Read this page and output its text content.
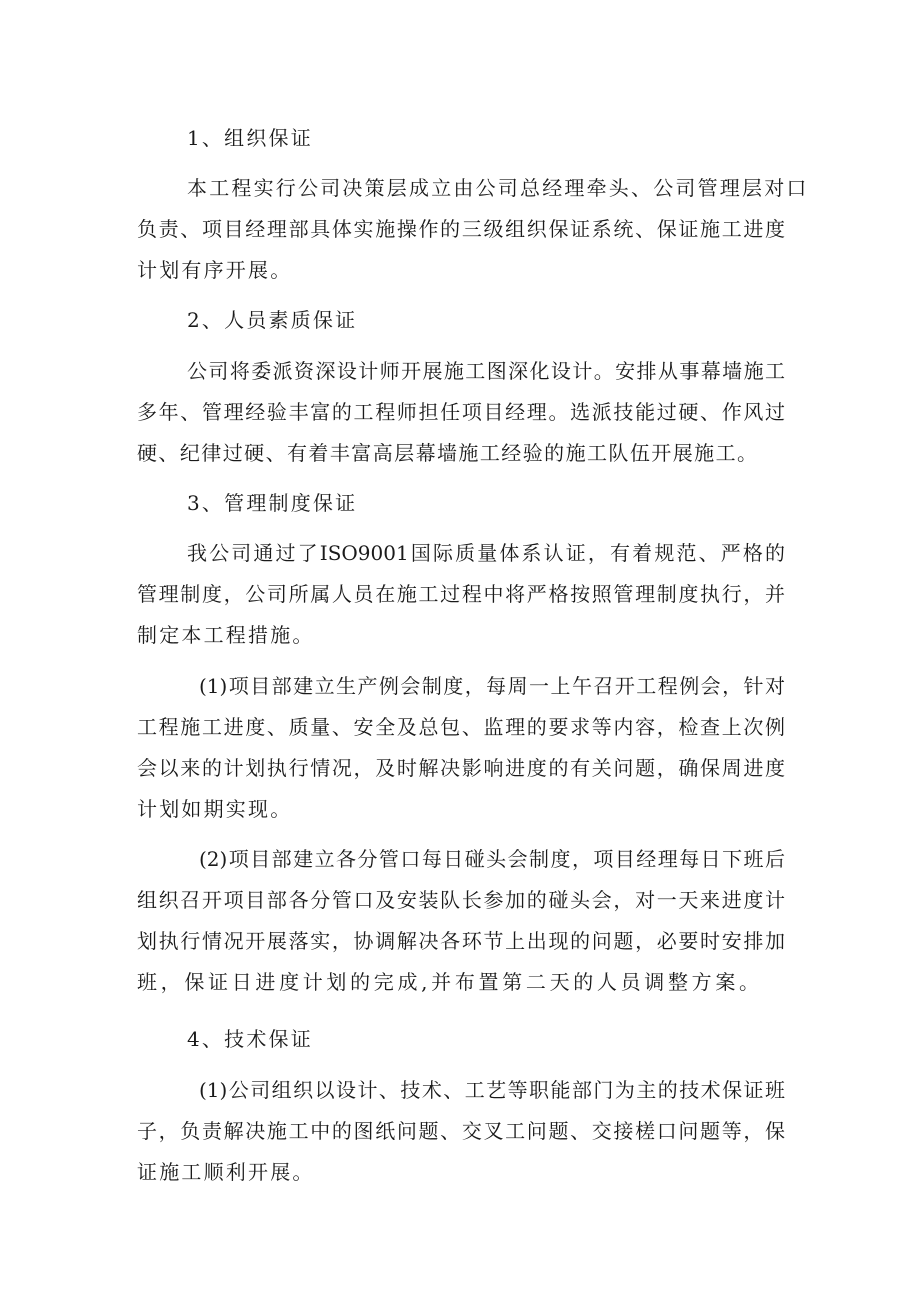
1、组织保证
本工程实行公司决策层成立由公司总经理牵头、公司管理层对口
负责、项目经理部具体实施操作的三级组织保证系统、保证施工进度
计划有序开展。
2、人员素质保证
公司将委派资深设计师开展施工图深化设计。安排从事幕墙施工
多年、管理经验丰富的工程师担任项目经理。选派技能过硬、作风过
硬、纪律过硬、有着丰富高层幕墙施工经验的施工队伍开展施工。
3、管理制度保证
我公司通过了ISO9001国际质量体系认证，有着规范、严格的
管理制度，公司所属人员在施工过程中将严格按照管理制度执行，并
制定本工程措施。
(1)项目部建立生产例会制度，每周一上午召开工程例会，针对
工程施工进度、质量、安全及总包、监理的要求等内容，检查上次例
会以来的计划执行情况，及时解决影响进度的有关问题，确保周进度
计划如期实现。
(2)项目部建立各分管口每日碰头会制度，项目经理每日下班后
组织召开项目部各分管口及安装队长参加的碰头会，对一天来进度计
划执行情况开展落实，协调解决各环节上出现的问题，必要时安排加
班，保证日进度计划的完成,并布置第二天的人员调整方案。
4、技术保证
(1)公司组织以设计、技术、工艺等职能部门为主的技术保证班
子，负责解决施工中的图纸问题、交叉工问题、交接槎口问题等，保
证施工顺利开展。
